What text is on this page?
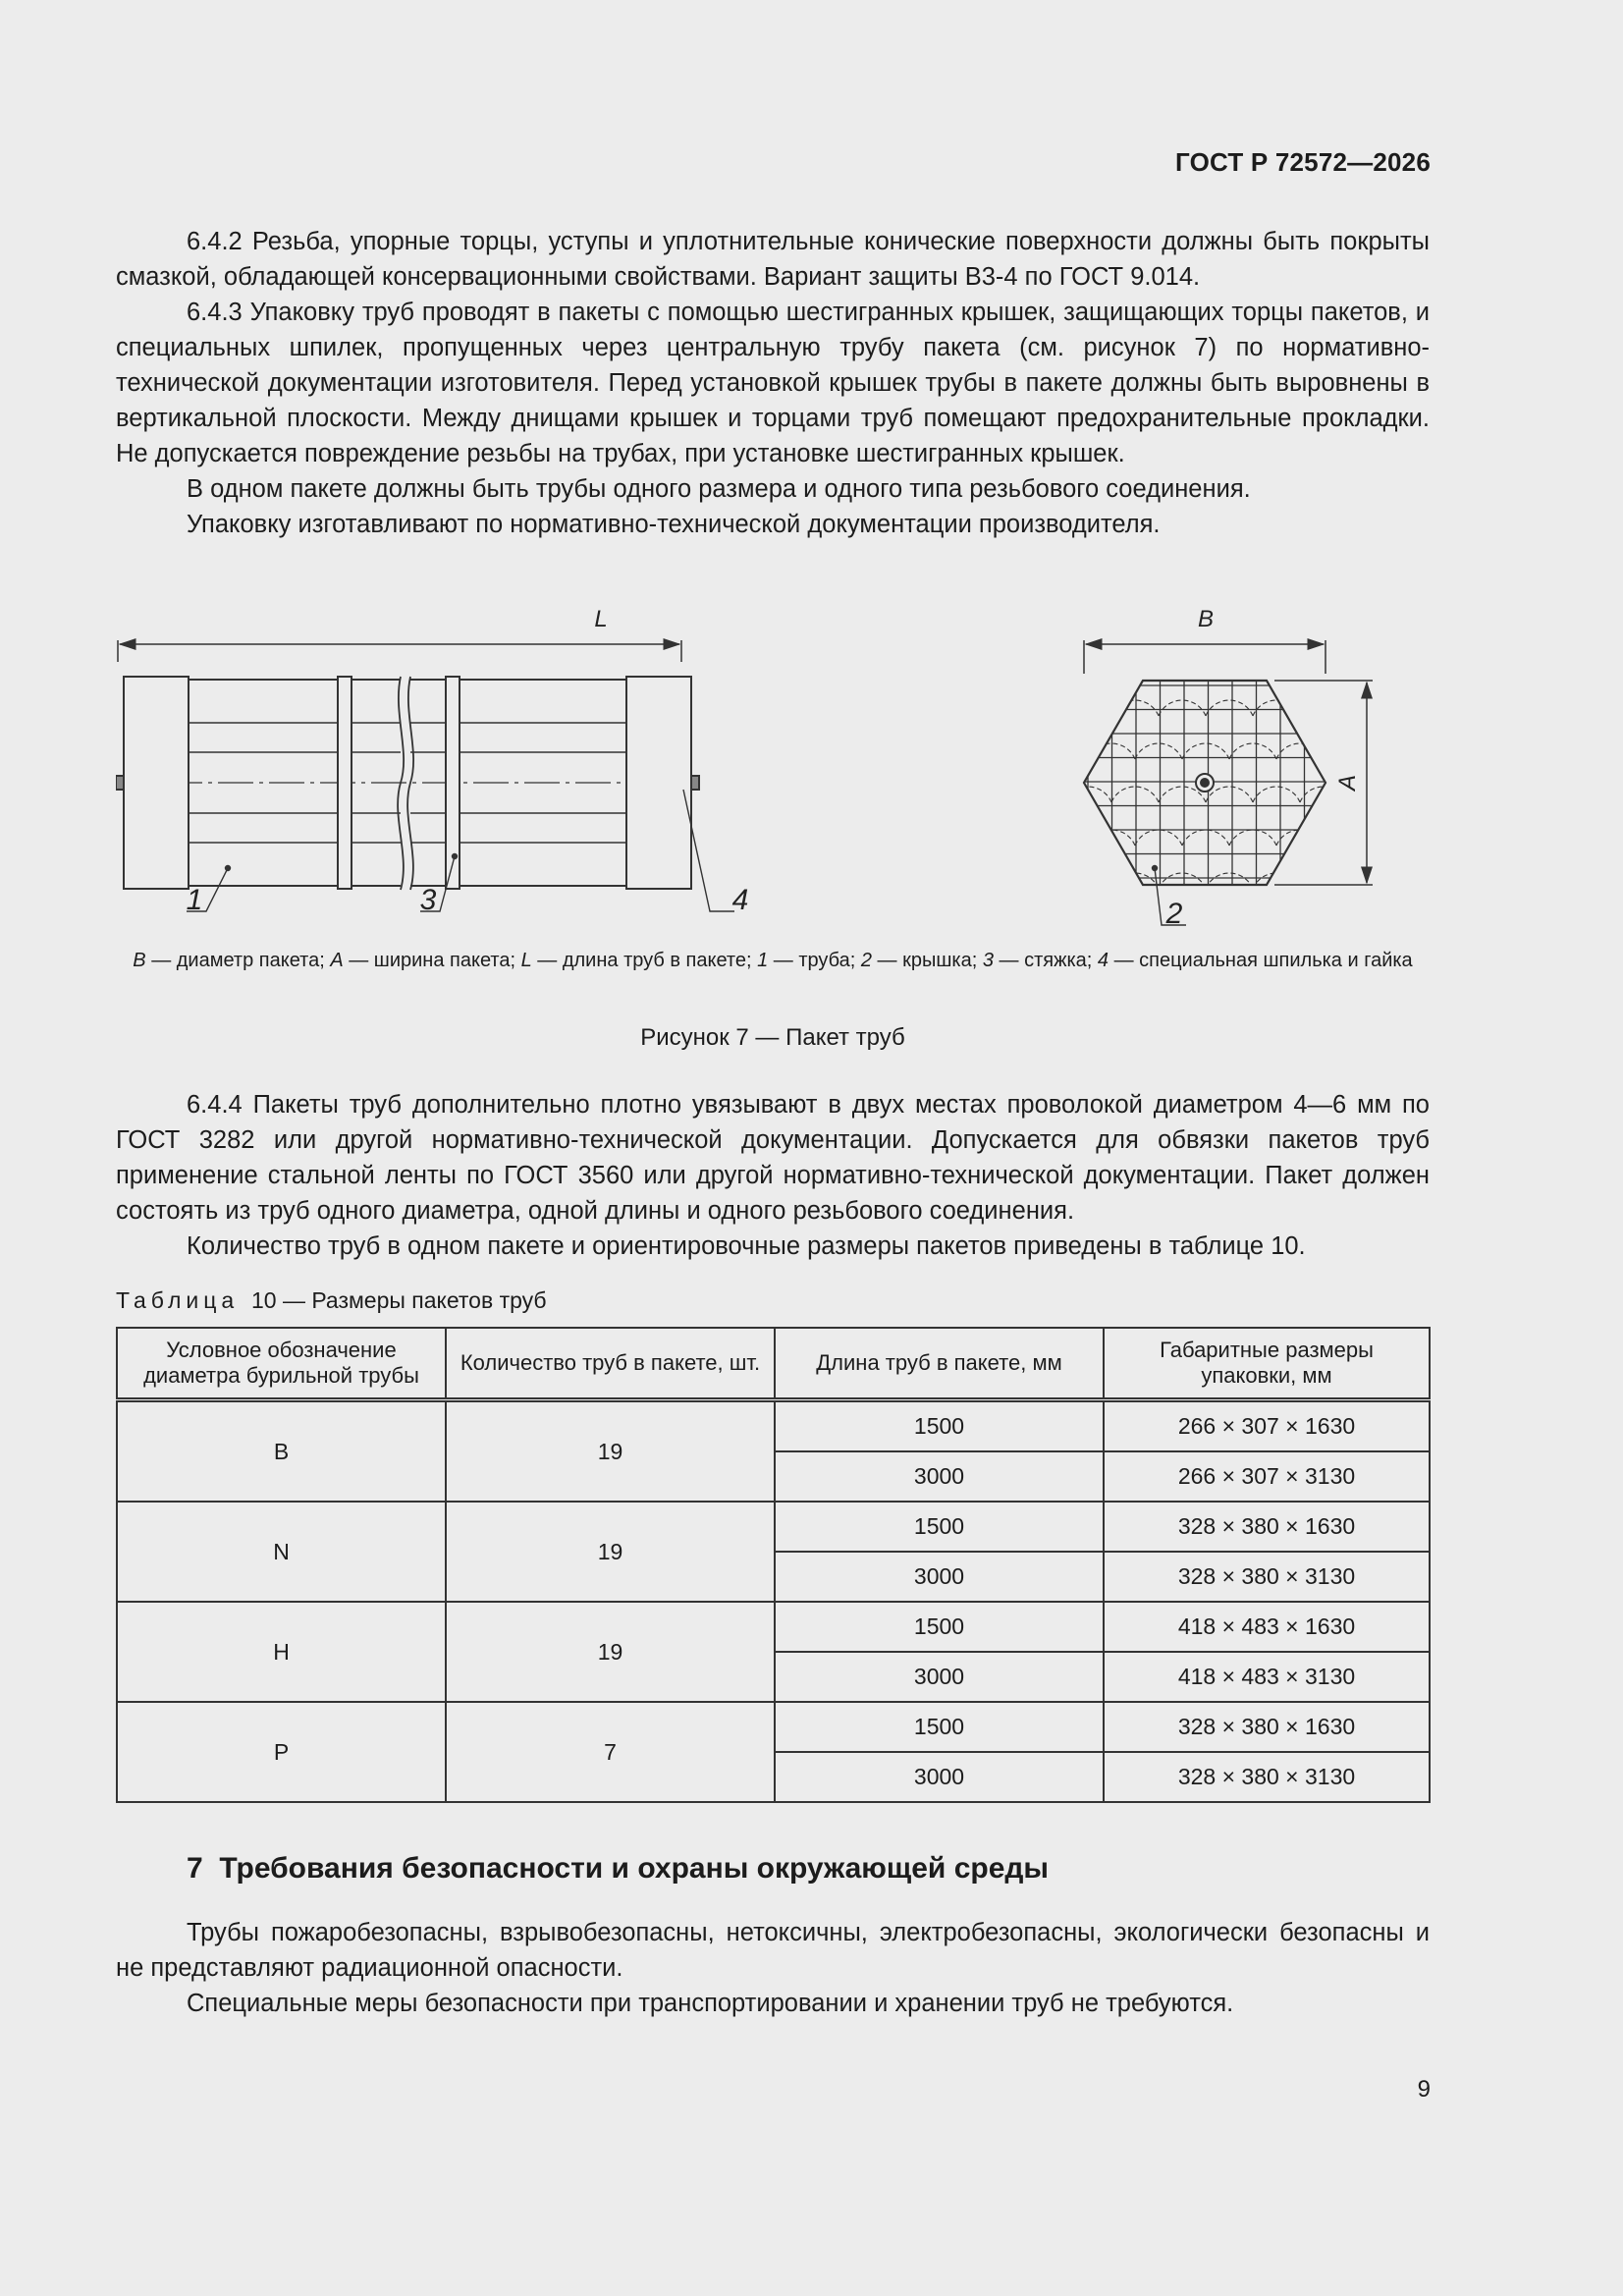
ГОСТ Р 72572—2026

6.4.2 Резьба, упорные торцы, уступы и уплотнительные конические поверхности должны быть покрыты смазкой, обладающей консервационными свойствами. Вариант защиты В3-4 по ГОСТ 9.014.

6.4.3 Упаковку труб проводят в пакеты с помощью шестигранных крышек, защищающих торцы пакетов, и специальных шпилек, пропущенных через центральную трубу пакета (см. рисунок 7) по нормативно-технической документации изготовителя. Перед установкой крышек трубы в пакете должны быть выровнены в вертикальной плоскости. Между днищами крышек и торцами труб помещают предохранительные прокладки. Не допускается повреждение резьбы на трубах, при установке шестигранных крышек.

В одном пакете должны быть трубы одного размера и одного типа резьбового соединения.

Упаковку изготавливают по нормативно-технической документации производителя.

L	B
A
1	3	4	2
B — диаметр пакета; A — ширина пакета; L — длина труб в пакете; 1 — труба; 2 — крышка; 3 — стяжка; 4 — специальная шпилька и гайка
Рисунок 7 — Пакет труб

6.4.4 Пакеты труб дополнительно плотно увязывают в двух местах проволокой диаметром 4—6 мм по ГОСТ 3282 или другой нормативно-технической документации. Допускается для обвязки пакетов труб применение стальной ленты по ГОСТ 3560 или другой нормативно-технической документации. Пакет должен состоять из труб одного диаметра, одной длины и одного резьбового соединения.

Количество труб в одном пакете и ориентировочные размеры пакетов приведены в таблице 10.

Таблица  10 — Размеры пакетов труб
Условное обозначение диаметра бурильной трубы	Количество труб в пакете, шт.	Длина труб в пакете, мм	Габаритные размеры упаковки, мм
B	19	1500	266 × 307 × 1630
		3000	266 × 307 × 3130
N	19	1500	328 × 380 × 1630
		3000	328 × 380 × 3130
H	19	1500	418 × 483 × 1630
		3000	418 × 483 × 3130
P	7	1500	328 × 380 × 1630
		3000	328 × 380 × 3130
7  Требования безопасности и охраны окружающей среды

Трубы пожаробезопасны, взрывобезопасны, нетоксичны, электробезопасны, экологически безопасны и не представляют радиационной опасности.

Специальные меры безопасности при транспортировании и хранении труб не требуются.

9
